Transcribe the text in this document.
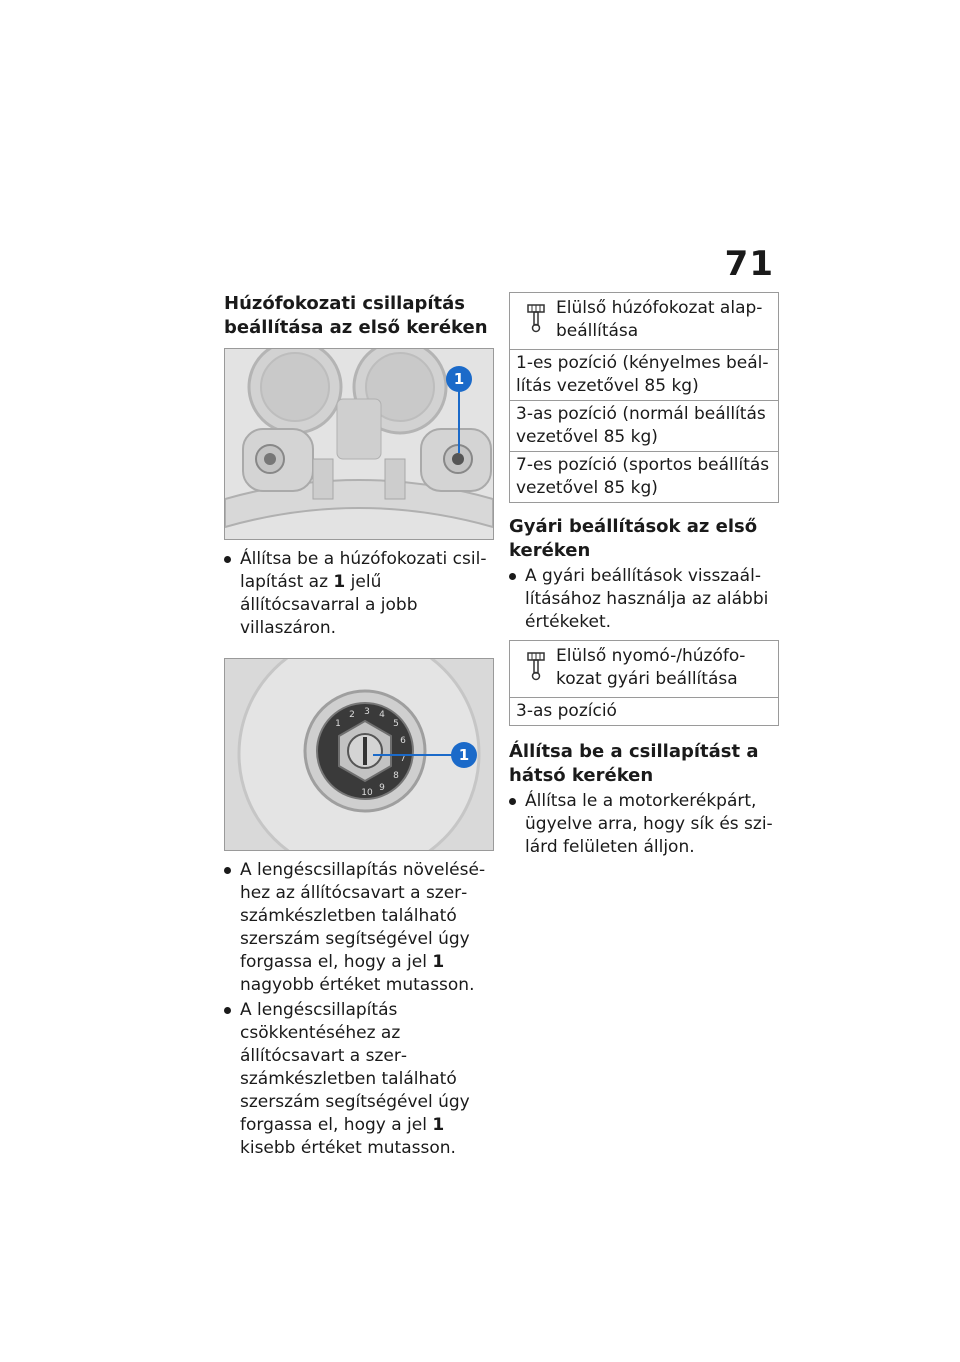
71
Húzófokozati csillapítás beállítása az első keréken
1
Állítsa be a húzófokozati csillapítást az 1 jelű állítócsavarral a jobb villaszáron.
1
2 3 4
5
6
7
8
9
10
1
A lengéscsillapítás növeléséhez az állítócsavart a szerszámkészletben található szerszám segítségével úgy forgassa el, hogy a jel 1 nagyobb értéket mutasson.
A lengéscsillapítás csökkentéséhez az állítócsavart a szerszámkészletben található szerszám segítségével úgy forgassa el, hogy a jel 1 kisebb értéket mutasson.
Elülső húzófokozat alapbeállítása

1-es pozíció (kényelmes beállítás vezetővel 85 kg)
3-as pozíció (normál beállítás vezetővel 85 kg)
7-es pozíció (sportos beállítás vezetővel 85 kg)
Gyári beállítások az első keréken
A gyári beállítások visszaállításához használja az alábbi értékeket.
Elülső nyomó-/húzófokozat gyári beállítása

3-as pozíció
Állítsa be a csillapítást a hátsó keréken
Állítsa le a motorkerékpárt, ügyelve arra, hogy sík és szilárd felületen álljon.
